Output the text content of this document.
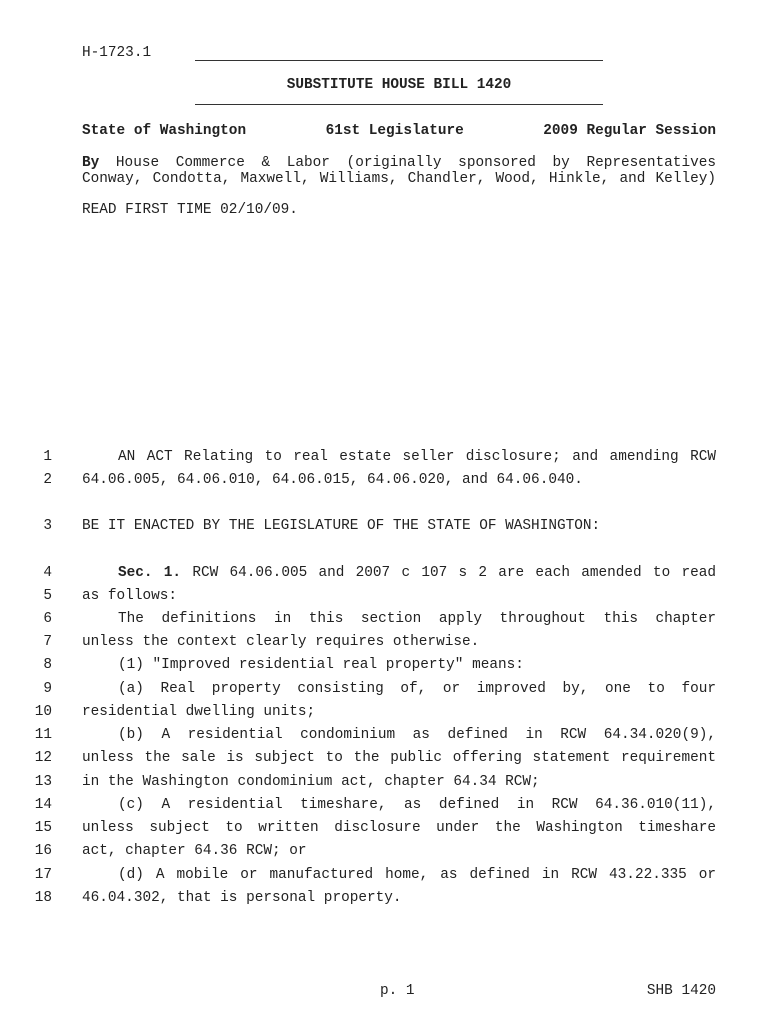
H-1723.1
SUBSTITUTE HOUSE BILL 1420
State of Washington	61st Legislature	2009 Regular Session
By House Commerce & Labor (originally sponsored by Representatives
Conway, Condotta, Maxwell, Williams, Chandler, Wood, Hinkle, and Kelley)
READ FIRST TIME 02/10/09.
1
2
3
4
5
6
7
8
9
10
11
12
13
14
15
16
17
18
AN ACT Relating to real estate seller disclosure; and amending RCW
64.06.005, 64.06.010, 64.06.015, 64.06.020, and 64.06.040.
BE IT ENACTED BY THE LEGISLATURE OF THE STATE OF WASHINGTON:
Sec. 1. RCW 64.06.005 and 2007 c 107 s 2 are each amended to read
as follows:
The definitions in this section apply throughout this chapter
unless the context clearly requires otherwise.
(1) "Improved residential real property" means:
(a) Real property consisting of, or improved by, one to four
residential dwelling units;
(b) A residential condominium as defined in RCW 64.34.020(9),
unless the sale is subject to the public offering statement requirement
in the Washington condominium act, chapter 64.34 RCW;
(c) A residential timeshare, as defined in RCW 64.36.010(11),
unless subject to written disclosure under the Washington timeshare
act, chapter 64.36 RCW; or
(d) A mobile or manufactured home, as defined in RCW 43.22.335 or
46.04.302, that is personal property.
p. 1	SHB 1420
